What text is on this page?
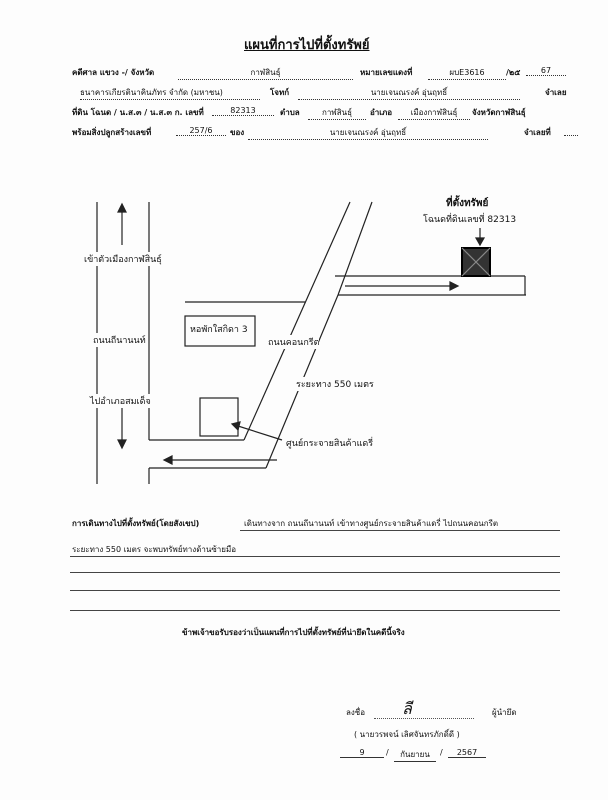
แผนที่การไปที่ตั้งทรัพย์
คดีศาล แขวง -/ จังหวัด	กาฬสินธุ์	หมายเลขแดงที่	ผบE3616	/๒๕	67
ธนาคารเกียรตินาคินภัทร จำกัด (มหาชน)	โจทก์	นายเจนณรงค์ อุ่นฤทธิ์	จำเลย
ที่ดิน โฉนด / น.ส.๓ / น.ส.๓ ก. เลขที่	82313	ตำบล	กาฬสินธุ์	อำเภอ	เมืองกาฬสินธุ์	จังหวัดกาฬสินธุ์
พร้อมสิ่งปลูกสร้างเลขที่	257/6	ของ	นายเจนณรงค์ อุ่นฤทธิ์	จำเลยที่
ที่ตั้งทรัพย์
โฉนดที่ดินเลขที่ 82313
เข้าตัวเมืองกาฬสินธุ์
ถนนถีนานนท์
ไปอำเภอสมเด็จ
หอพักใสกิดา 3
ถนนคอนกรีต
ระยะทาง 550 เมตร
ศูนย์กระจายสินค้าแดรี่
การเดินทางไปที่ตั้งทรัพย์(โดยสังเขป)	เดินทางจาก ถนนถีนานนท์ เข้าทางศูนย์กระจายสินค้าแดรี่ ไปถนนคอนกรีต
ระยะทาง 550 เมตร จะพบทรัพย์ทางด้านซ้ายมือ
ข้าพเจ้าขอรับรองว่าเป็นแผนที่การไปที่ตั้งทรัพย์ที่น่ายึดในคดีนี้จริง
ลงชื่อ ลี	ผู้นำยึด
( นายวรพจน์ เลิศจันทรภักดิ์ดี )
9	/	กันยายน	/	2567
